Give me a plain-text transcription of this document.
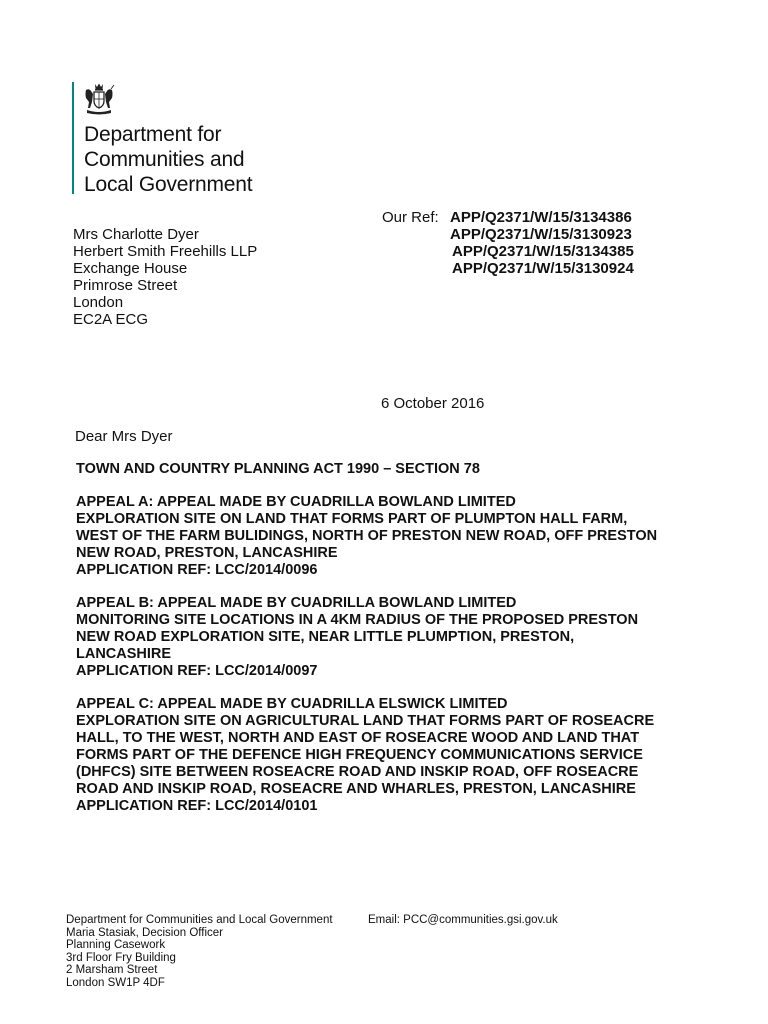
Department for
Communities and
Local Government
Our Ref: APP/Q2371/W/15/3134386
APP/Q2371/W/15/3130923
APP/Q2371/W/15/3134385
APP/Q2371/W/15/3130924
Mrs Charlotte Dyer
Herbert Smith Freehills LLP
Exchange House
Primrose Street
London
EC2A ECG
6 October 2016
Dear Mrs Dyer
TOWN AND COUNTRY PLANNING ACT 1990 – SECTION 78
APPEAL A: APPEAL MADE BY CUADRILLA BOWLAND LIMITED
EXPLORATION SITE ON LAND THAT FORMS PART OF PLUMPTON HALL FARM,
WEST OF THE FARM BULIDINGS, NORTH OF PRESTON NEW ROAD, OFF PRESTON
NEW ROAD, PRESTON, LANCASHIRE
APPLICATION REF: LCC/2014/0096
APPEAL B: APPEAL MADE BY CUADRILLA BOWLAND LIMITED
MONITORING SITE LOCATIONS IN A 4KM RADIUS OF THE PROPOSED PRESTON
NEW ROAD EXPLORATION SITE, NEAR LITTLE PLUMPTION, PRESTON,
LANCASHIRE
APPLICATION REF: LCC/2014/0097
APPEAL C: APPEAL MADE BY CUADRILLA ELSWICK LIMITED
EXPLORATION SITE ON AGRICULTURAL LAND THAT FORMS PART OF ROSEACRE
HALL, TO THE WEST, NORTH AND EAST OF ROSEACRE WOOD AND LAND THAT
FORMS PART OF THE DEFENCE HIGH FREQUENCY COMMUNICATIONS SERVICE
(DHFCS) SITE BETWEEN ROSEACRE ROAD AND INSKIP ROAD, OFF ROSEACRE
ROAD AND INSKIP ROAD, ROSEACRE AND WHARLES, PRESTON, LANCASHIRE
APPLICATION REF: LCC/2014/0101
Department for Communities and Local Government
Maria Stasiak, Decision Officer
Planning Casework
3rd Floor Fry Building
2 Marsham Street
London SW1P 4DF
Email: PCC@communities.gsi.gov.uk
